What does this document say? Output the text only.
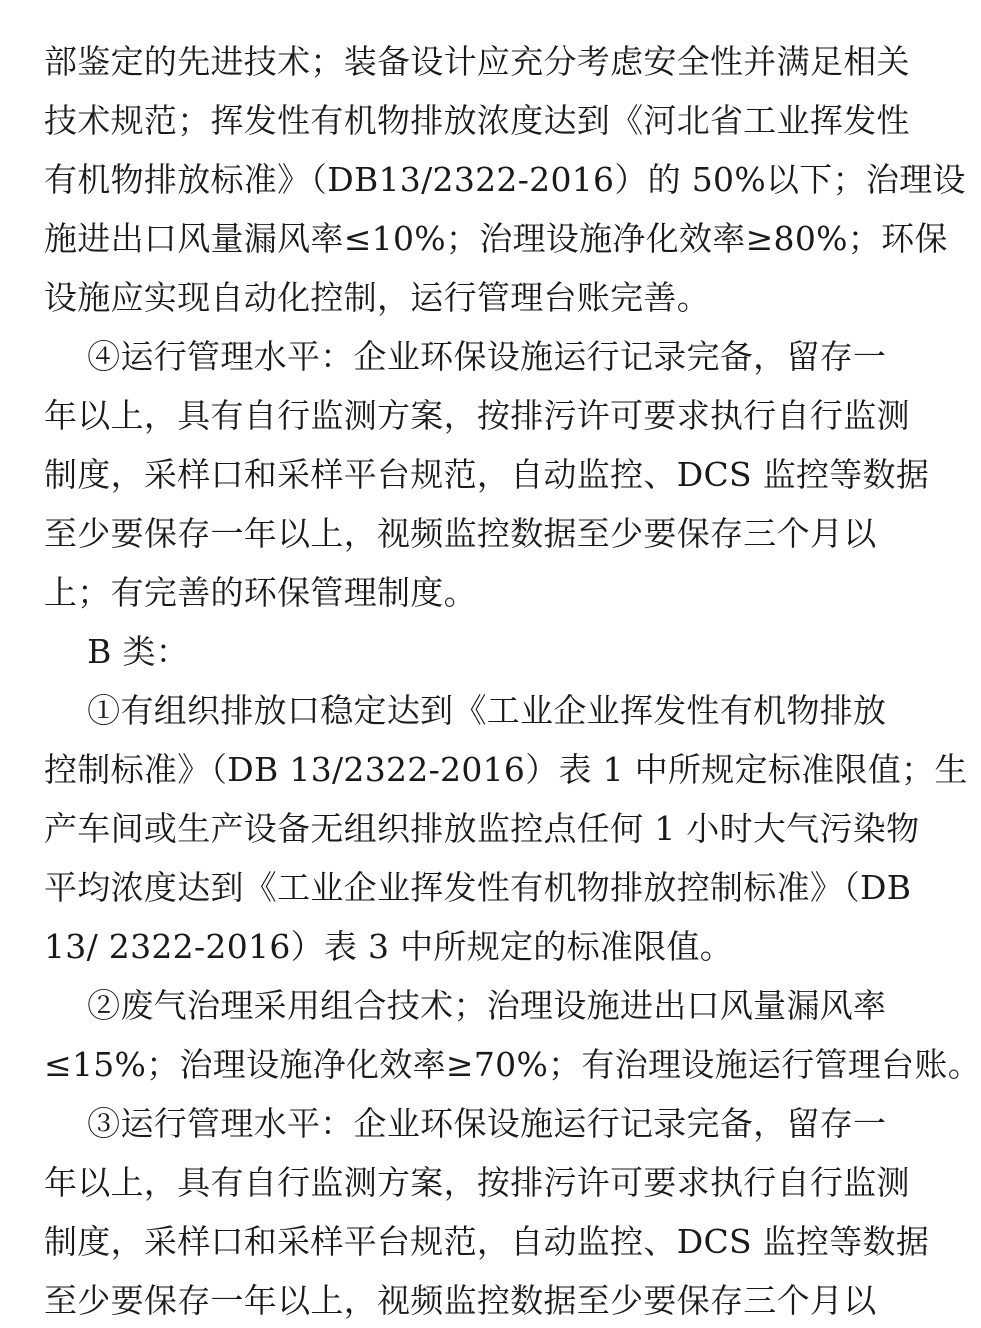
部鉴定的先进技术；装备设计应充分考虑安全性并满足相关
技术规范；挥发性有机物排放浓度达到《河北省工业挥发性
有机物排放标准》（DB13/2322-2016）的 50%以下；治理设
施进出口风量漏风率≤10%；治理设施净化效率≥80%；环保
设施应实现自动化控制，运行管理台账完善。
④运行管理水平：企业环保设施运行记录完备，留存一
年以上，具有自行监测方案，按排污许可要求执行自行监测
制度，采样口和采样平台规范，自动监控、DCS 监控等数据
至少要保存一年以上，视频监控数据至少要保存三个月以
上；有完善的环保管理制度。
B 类：
①有组织排放口稳定达到《工业企业挥发性有机物排放
控制标准》（DB 13/2322-2016）表 1 中所规定标准限值；生
产车间或生产设备无组织排放监控点任何 1 小时大气污染物
平均浓度达到《工业企业挥发性有机物排放控制标准》（DB
13/ 2322-2016）表 3 中所规定的标准限值。
②废气治理采用组合技术；治理设施进出口风量漏风率
≤15%；治理设施净化效率≥70%；有治理设施运行管理台账。
③运行管理水平：企业环保设施运行记录完备，留存一
年以上，具有自行监测方案，按排污许可要求执行自行监测
制度，采样口和采样平台规范，自动监控、DCS 监控等数据
至少要保存一年以上，视频监控数据至少要保存三个月以
